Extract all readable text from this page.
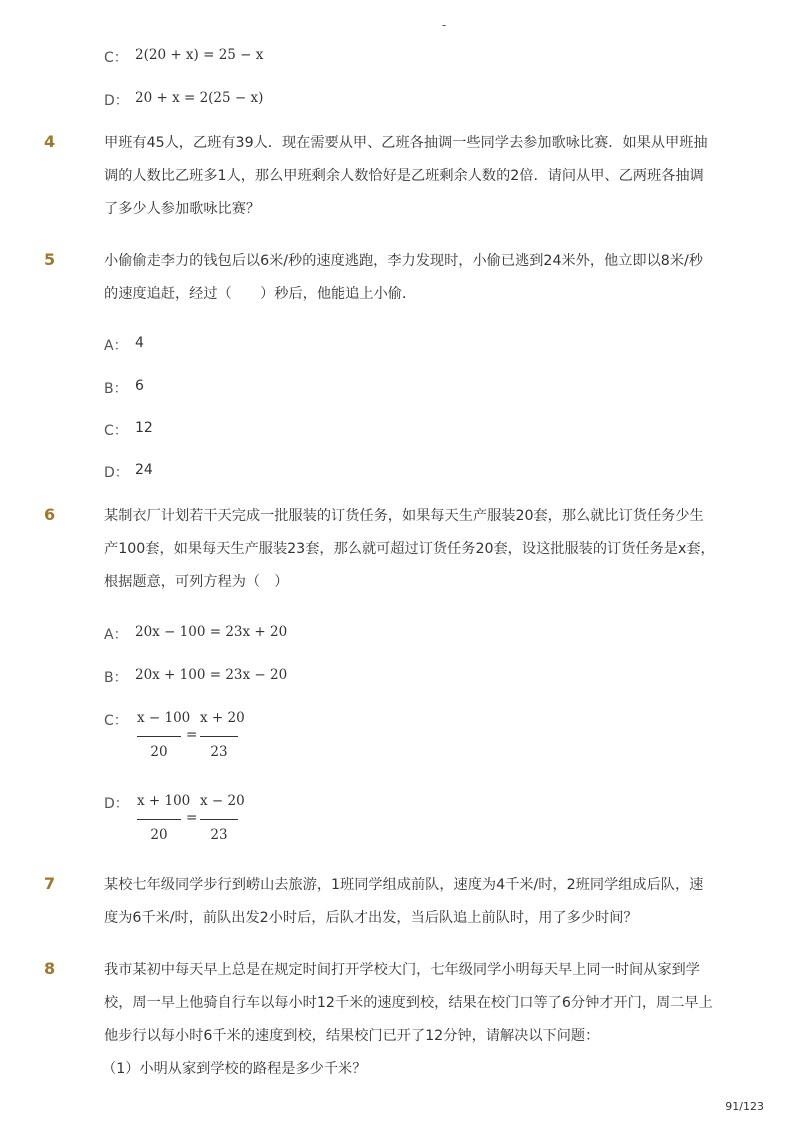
-
C： 2(20 + x) = 25 − x
D： 20 + x = 2(25 − x)
4	甲班有45人，乙班有39人．现在需要从甲、乙班各抽调一些同学去参加歌咏比赛．如果从甲班抽
调的人数比乙班多1人，那么甲班剩余人数恰好是乙班剩余人数的2倍．请问从甲、乙两班各抽调
了多少人参加歌咏比赛？
5	小偷偷走李力的钱包后以6米/秒的速度逃跑，李力发现时，小偷已逃到24米外，他立即以8米/秒
的速度追赶，经过（　　）秒后，他能追上小偷．
A： 4
B： 6
C： 12
D： 24
6	某制衣厂计划若干天完成一批服装的订货任务，如果每天生产服装20套，那么就比订货任务少生
产100套，如果每天生产服装23套，那么就可超过订货任务20套，设这批服装的订货任务是x套，
根据题意，可列方程为（　）
A： 20x − 100 = 23x + 20
B： 20x + 100 = 23x − 20
C： x − 100 x + 20
=
20	23
D： x + 100 x − 20
=
20	23
7	某校七年级同学步行到崂山去旅游，1班同学组成前队，速度为4千米/时，2班同学组成后队，速
度为6千米/时，前队出发2小时后，后队才出发，当后队追上前队时，用了多少时间？
8	我市某初中每天早上总是在规定时间打开学校大门，七年级同学小明每天早上同一时间从家到学
校，周一早上他骑自行车以每小时12千米的速度到校，结果在校门口等了6分钟才开门，周二早上
他步行以每小时6千米的速度到校，结果校门已开了12分钟，请解决以下问题：
（1）小明从家到学校的路程是多少千米？
91/123
